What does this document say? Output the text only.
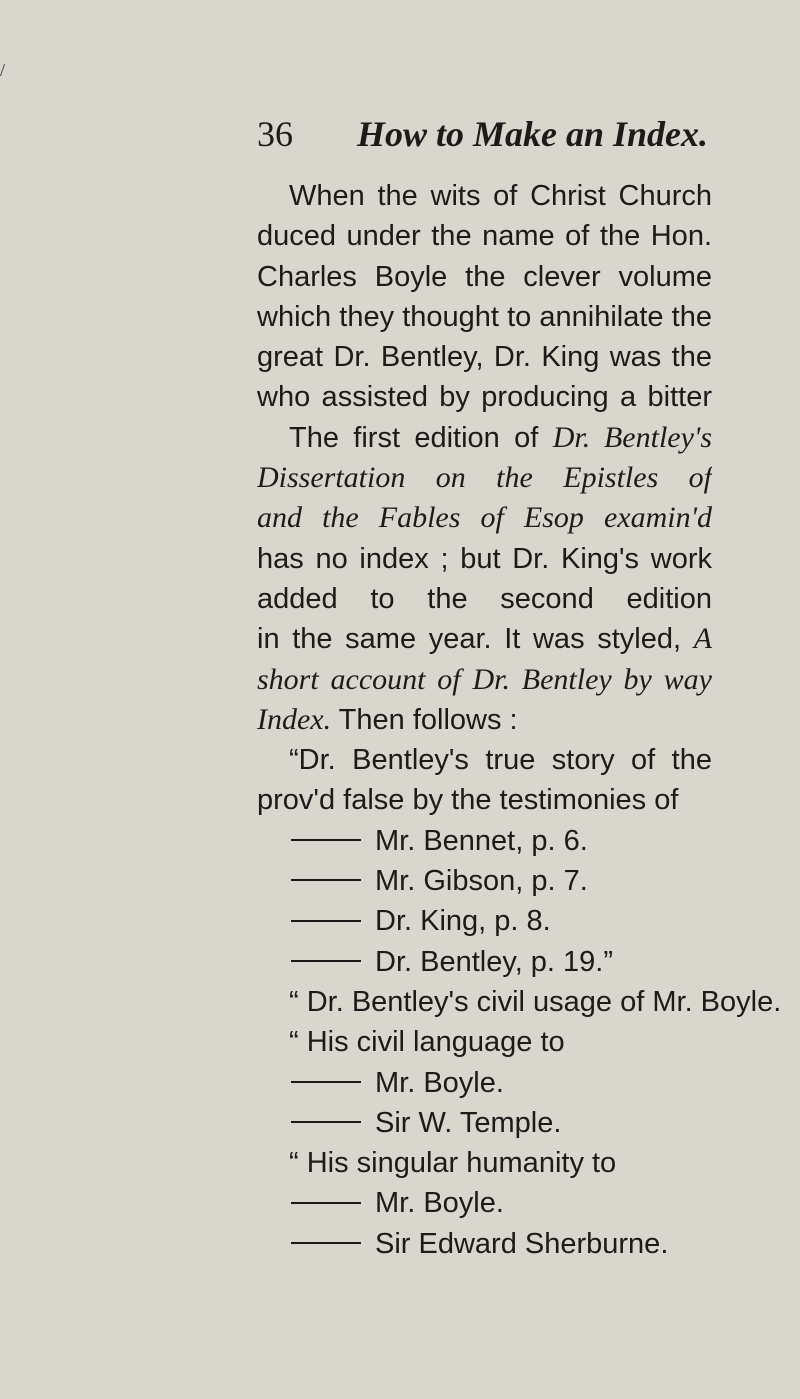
/
36 How to Make an Index.
When the wits of Christ Church
duced under the name of the Hon.
Charles Boyle the clever volume
which they thought to annihilate the
great Dr. Bentley, Dr. King was the
who assisted by producing a bitter
The first edition of Dr. Bentley's
Dissertation on the Epistles of
and the Fables of Esop examin'd
has no index ; but Dr. King's work
added to the second edition
in the same year. It was styled, A
short account of Dr. Bentley by way
Index. Then follows :
“Dr. Bentley's true story of the
prov'd false by the testimonies of
Mr. Bennet, p. 6.
Mr. Gibson, p. 7.
Dr. King, p. 8.
Dr. Bentley, p. 19.”
“ Dr. Bentley's civil usage of Mr. Boyle.
“ His civil language to
Mr. Boyle.
Sir W. Temple.
“ His singular humanity to
Mr. Boyle.
Sir Edward Sherburne.
